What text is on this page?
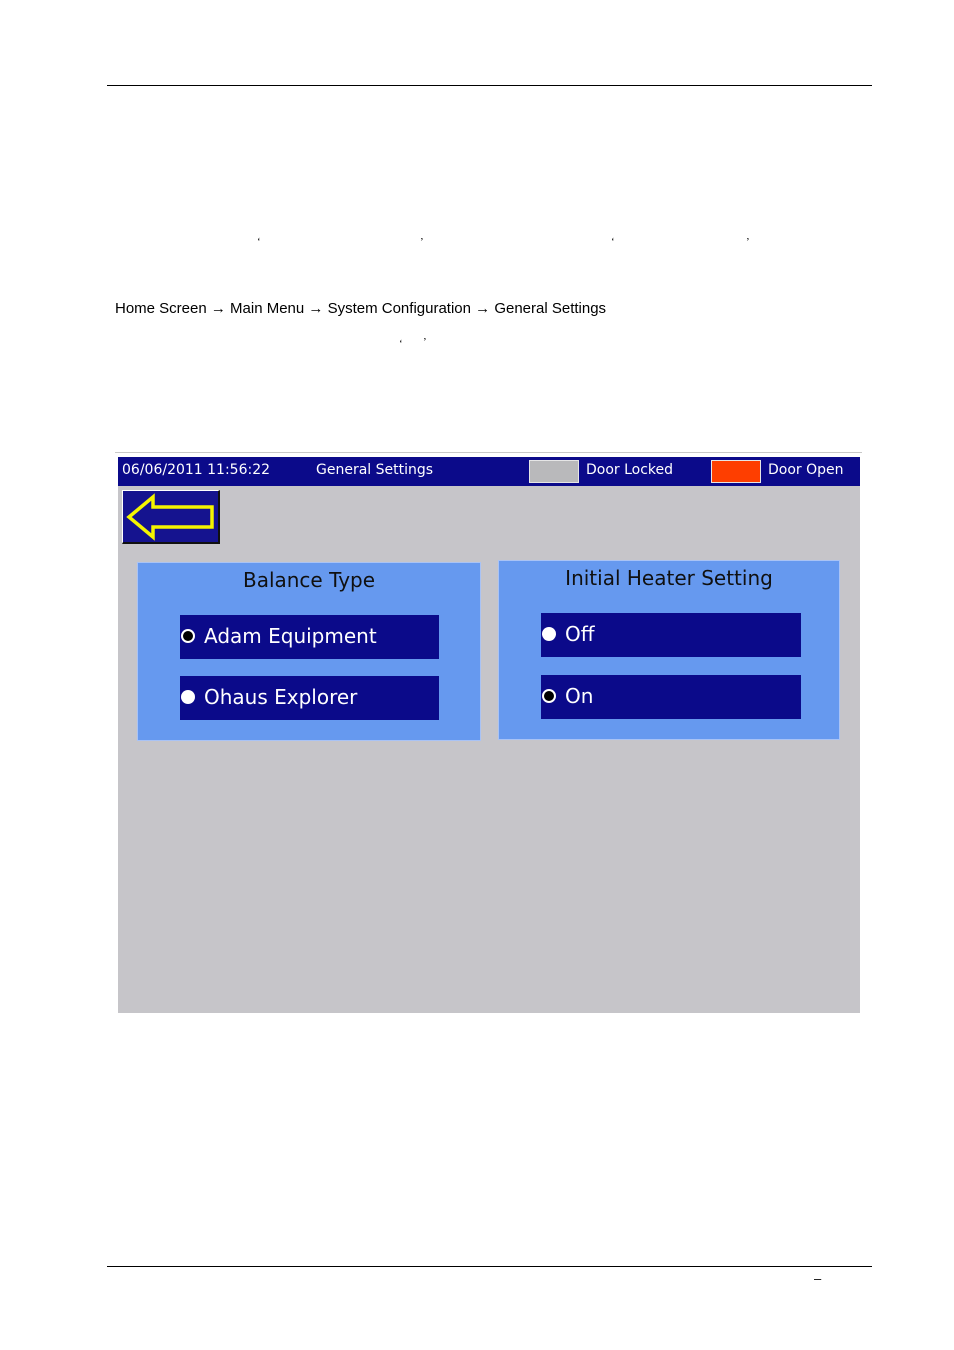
‘	’	‘	’
Home Screen → Main Menu → System Configuration → General Settings
‘ ’
06/06/2011 11:56:22	General Settings	Door Locked	Door Open
Balance Type
Adam Equipment
Ohaus Explorer
Initial Heater Setting
Off
On
–
